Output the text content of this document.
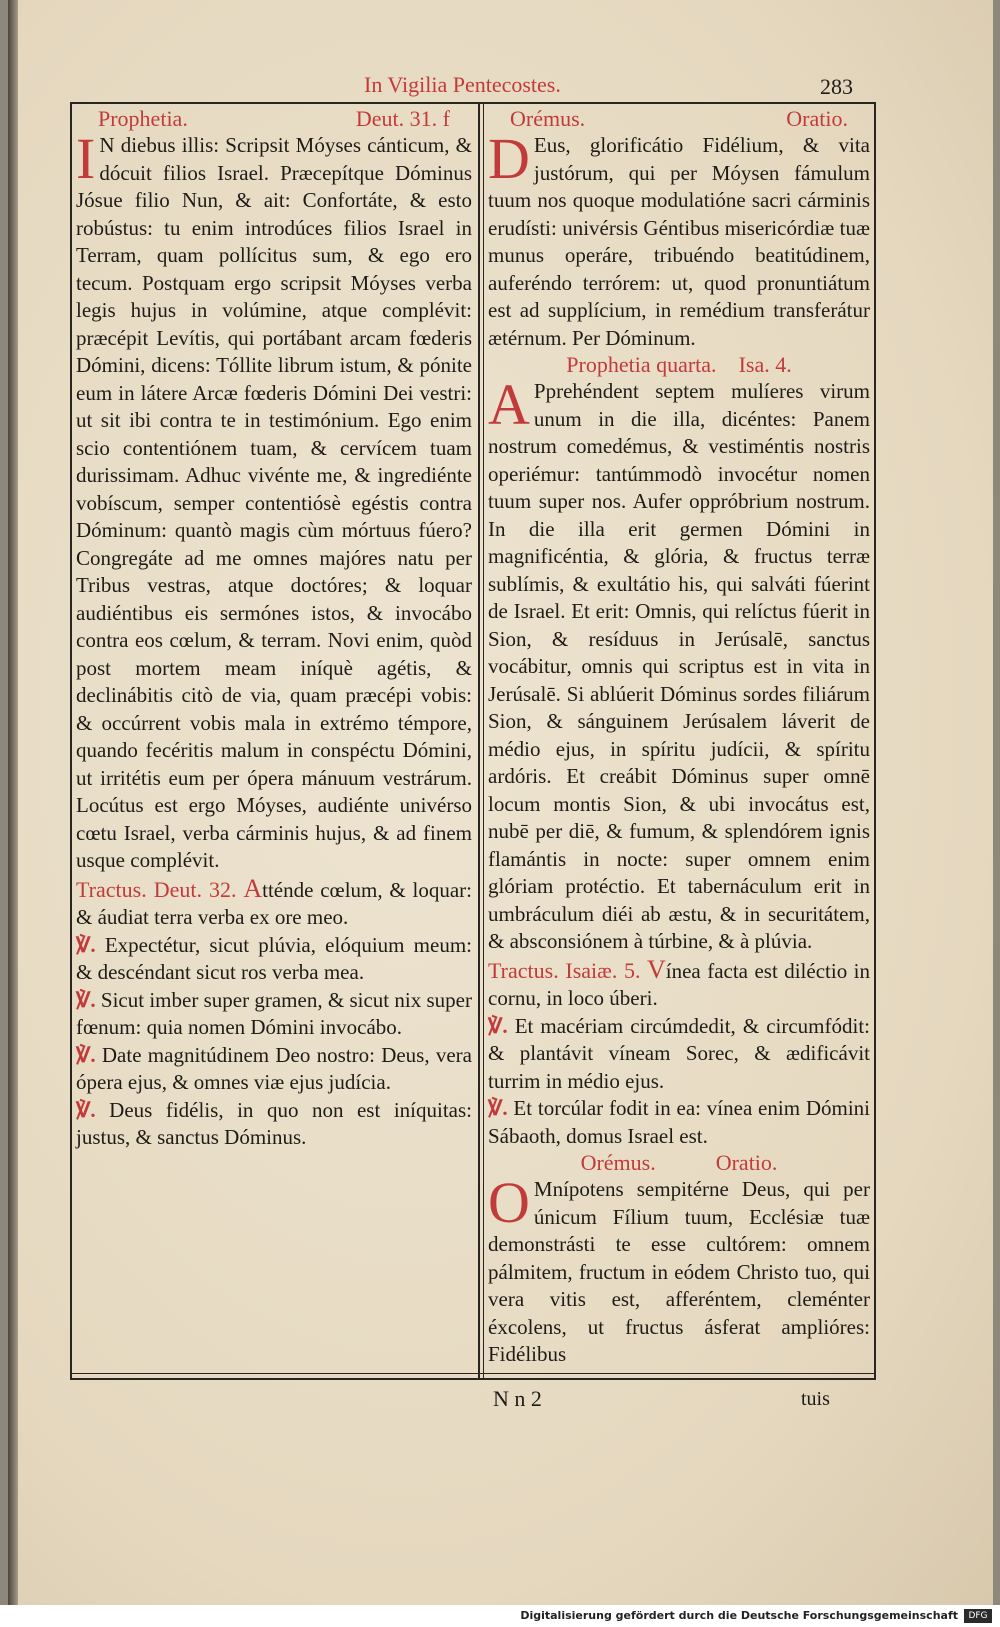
In Vigilia Pentecostes.	283
Prophetia.	Deut. 31. f

I N diebus illis: Scripsit Móyses cánticum, & dócuit filios Israel. Præcepítque Dóminus Jósue filio Nun, & ait: Confortáte, & esto robústus: tu enim introdúces filios Israel in Terram, quam pollícitus sum, & ego ero tecum. Postquam ergo scripsit Móyses verba legis hujus in volúmine, atque complévit: præcépit Levítis, qui portábant arcam fœderis Dómini, dicens: Tóllite librum istum, & pónite eum in látere Arcæ fœderis Dómini Dei vestri: ut sit ibi contra te in testimónium. Ego enim scio contentiónem tuam, & cervícem tuam durissimam. Adhuc vivénte me, & ingrediénte vobíscum, semper contentiósè egéstis contra Dóminum: quantò magis cùm mórtuus fúero? Congregáte ad me omnes majóres natu per Tribus vestras, atque doctóres; & loquar audiéntibus eis sermónes istos, & invocábo contra eos cœlum, & terram. Novi enim, quòd post mortem meam iníquè agétis, & declinábitis citò de via, quam præcépi vobis: & occúrrent vobis mala in extrémo témpore, quando fecéritis malum in conspéctu Dómini, ut irritétis eum per ópera mánuum vestrárum. Locútus est ergo Móyses, audiénte univérso cœtu Israel, verba cárminis hujus, & ad finem usque complévit.

Tractus. Deut. 32. Atténde cœlum, & loquar: & áudiat terra verba ex ore meo.

℣. Expectétur, sicut plúvia, elóquium meum: & descéndant sicut ros verba mea.

℣. Sicut imber super gramen, & sicut nix super fœnum: quia nomen Dómini invocábo.

℣. Date magnitúdinem Deo nostro: Deus, vera ópera ejus, & omnes viæ ejus judícia.

℣. Deus fidélis, in quo non est iníquitas: justus, & sanctus Dóminus.

Orémus.	Oratio.

D Eus, glorificátio Fidélium, & vita justórum, qui per Móysen fámulum tuum nos quoque modulatióne sacri cárminis erudísti: univérsis Géntibus misericórdiæ tuæ munus operáre, tribuéndo beatitúdinem, auferéndo terrórem: ut, quod pronuntiátum est ad supplícium, in remédium transferátur ætérnum. Per Dóminum.

Prophetia quarta. Isa. 4.

A Pprehéndent septem mulíeres virum unum in die illa, dicéntes: Panem nostrum comedémus, & vestiméntis nostris operiémur: tantúmmodò invocétur nomen tuum super nos. Aufer oppróbrium nostrum. In die illa erit germen Dómini in magnificéntia, & glória, & fructus terræ sublímis, & exultátio his, qui salváti fúerint de Israel. Et erit: Omnis, qui relíctus fúerit in Sion, & resíduus in Jerúsalē, sanctus vocábitur, omnis qui scriptus est in vita in Jerúsalē. Si ablúerit Dóminus sordes filiárum Sion, & sánguinem Jerúsalem láverit de médio ejus, in spíritu judícii, & spíritu ardóris. Et creábit Dóminus super omnē locum montis Sion, & ubi invocátus est, nubē per diē, & fumum, & splendórem ignis flamántis in nocte: super omnem enim glóriam protéctio. Et tabernáculum erit in umbráculum diéi ab æstu, & in securitátem, & absconsiónem à túrbine, & à plúvia.

Tractus. Isaiæ. 5. Vínea facta est diléctio in cornu, in loco úberi.

℣. Et macériam circúmdedit, & circumfódit: & plantávit víneam Sorec, & ædificávit turrim in médio ejus.

℣. Et torcúlar fodit in ea: vínea enim Dómini Sábaoth, domus Israel est.

Orémus.	Oratio.

O Mnípotens sempitérne Deus, qui per únicum Fílium tuum, Ecclésiæ tuæ demonstrásti te esse cultórem: omnem pálmitem, fructum in eódem Christo tuo, qui vera vitis est, afferéntem, cleménter éxcolens, ut fructus ásferat amplióres: Fidélibus

N n 2	tuis
Digitalisierung gefördert durch die Deutsche Forschungsgemeinschaft	DFG
